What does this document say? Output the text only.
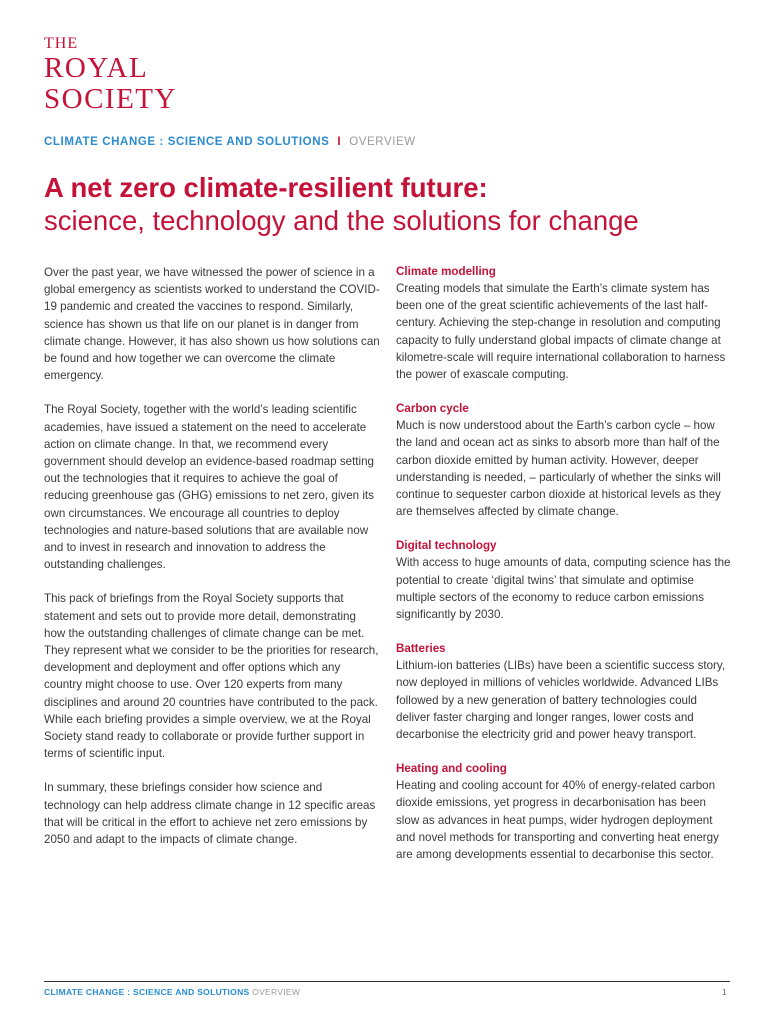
THE
ROYAL
SOCIETY
CLIMATE CHANGE : SCIENCE AND SOLUTIONS I OVERVIEW
A net zero climate-resilient future:
science, technology and the solutions for change

Over the past year, we have witnessed the power of science in a global emergency as scientists worked to understand the COVID-19 pandemic and created the vaccines to respond. Similarly, science has shown us that life on our planet is in danger from climate change. However, it has also shown us how solutions can be found and how together we can overcome the climate emergency.

The Royal Society, together with the world’s leading scientific academies, have issued a statement on the need to accelerate action on climate change. In that, we recommend every government should develop an evidence-based roadmap setting out the technologies that it requires to achieve the goal of reducing greenhouse gas (GHG) emissions to net zero, given its own circumstances. We encourage all countries to deploy technologies and nature-based solutions that are available now and to invest in research and innovation to address the outstanding challenges.

This pack of briefings from the Royal Society supports that statement and sets out to provide more detail, demonstrating how the outstanding challenges of climate change can be met. They represent what we consider to be the priorities for research, development and deployment and offer options which any country might choose to use. Over 120 experts from many disciplines and around 20 countries have contributed to the pack. While each briefing provides a simple overview, we at the Royal Society stand ready to collaborate or provide further support in terms of scientific input.

In summary, these briefings consider how science and technology can help address climate change in 12 specific areas that will be critical in the effort to achieve net zero emissions by 2050 and adapt to the impacts of climate change.

Climate modelling

Creating models that simulate the Earth’s climate system has been one of the great scientific achievements of the last half-century. Achieving the step-change in resolution and computing capacity to fully understand global impacts of climate change at kilometre-scale will require international collaboration to harness the power of exascale computing.

Carbon cycle

Much is now understood about the Earth’s carbon cycle – how the land and ocean act as sinks to absorb more than half of the carbon dioxide emitted by human activity. However, deeper understanding is needed, – particularly of whether the sinks will continue to sequester carbon dioxide at historical levels as they are themselves affected by climate change.

Digital technology

With access to huge amounts of data, computing science has the potential to create ‘digital twins’ that simulate and optimise multiple sectors of the economy to reduce carbon emissions significantly by 2030.

Batteries

Lithium-ion batteries (LIBs) have been a scientific success story, now deployed in millions of vehicles worldwide. Advanced LIBs followed by a new generation of battery technologies could deliver faster charging and longer ranges, lower costs and decarbonise the electricity grid and power heavy transport.

Heating and cooling

Heating and cooling account for 40% of energy-related carbon dioxide emissions, yet progress in decarbonisation has been slow as advances in heat pumps, wider hydrogen deployment and novel methods for transporting and converting heat energy are among developments essential to decarbonise this sector.

CLIMATE CHANGE : SCIENCE AND SOLUTIONS OVERVIEW	1
